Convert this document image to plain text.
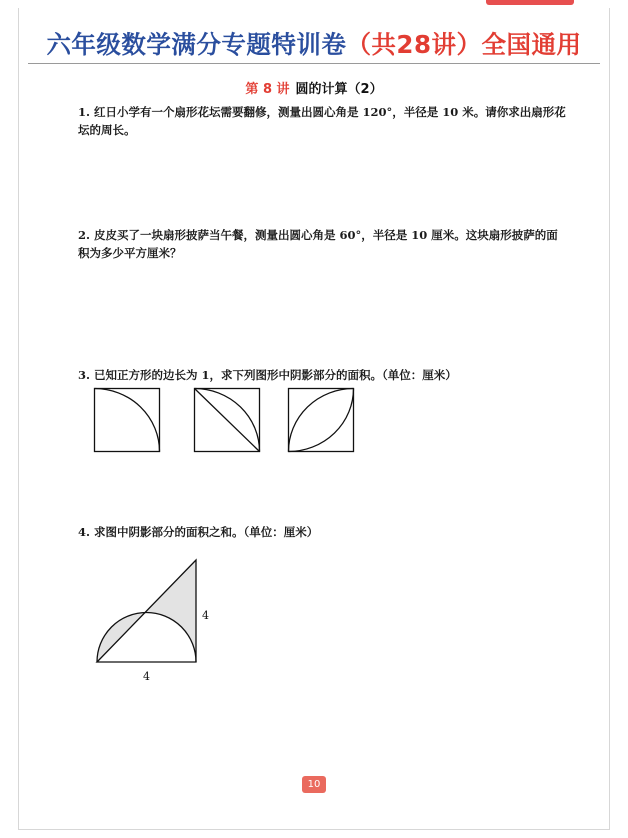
六年级数学满分专题特训卷（共28讲）全国通用
第 8 讲 圆的计算（2）
1. 红日小学有一个扇形花坛需要翻修，测量出圆心角是 120°，半径是 10 米。请你求出扇形花坛的周长。
2. 皮皮买了一块扇形披萨当午餐，测量出圆心角是 60°，半径是 10 厘米。这块扇形披萨的面积为多少平方厘米？
3. 已知正方形的边长为 1，求下列图形中阴影部分的面积。（单位：厘米）
4. 求图中阴影部分的面积之和。（单位：厘米）
4
4
10
